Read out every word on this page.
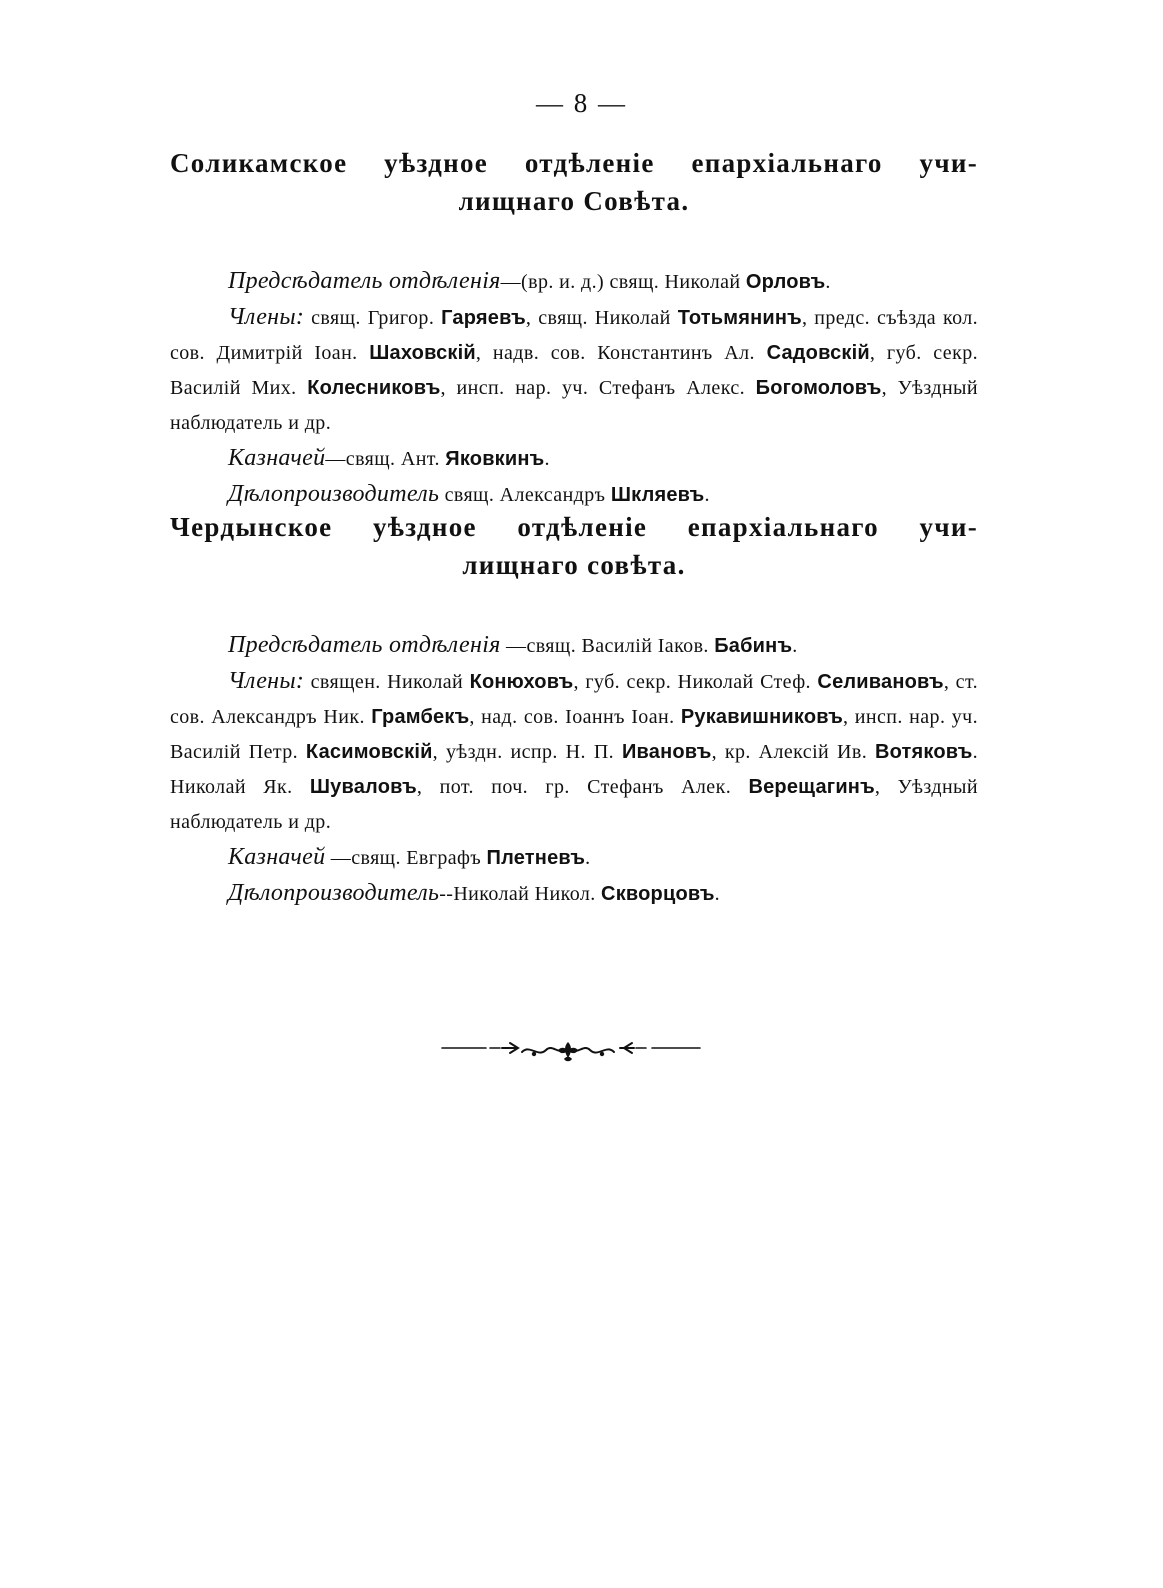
— 8 —
Соликамское уѣздное отдѣленіе епархіальнаго учи-
лищнаго Совѣта.

Предсѣдатель отдѣленія—(вр. и. д.) свящ. Николай Орловъ.

Члены: свящ. Григор. Гаряевъ, свящ. Николай Тотьмянинъ, предс. съѣзда кол. сов. Димитрій Іоан. Шаховскій, надв. сов. Константинъ Ал. Садовскій, губ. секр. Василій Мих. Колесниковъ, инсп. нар. уч. Стефанъ Алекс. Богомоловъ, Уѣздный наблюдатель и др.

Казначей—свящ. Ант. Яковкинъ.

Дѣлопроизводитель свящ. Александръ Шкляевъ.

Чердынское уѣздное отдѣленіе епархіальнаго учи-
лищнаго совѣта.

Предсѣдатель отдѣленія —свящ. Василій Іаков. Бабинъ.

Члены: священ. Николай Конюховъ, губ. секр. Николай Стеф. Селивановъ, ст. сов. Александръ Ник. Грамбекъ, над. сов. Іоаннъ Іоан. Рукавишниковъ, инсп. нар. уч. Василій Петр. Касимовскій, уѣздн. испр. Н. П. Ивановъ, кр. Алексій Ив. Вотяковъ. Николай Як. Шуваловъ, пот. поч. гр. Стефанъ Алек. Верещагинъ, Уѣздный наблюдатель и др.

Казначей —свящ. Евграфъ Плетневъ.

Дѣлопроизводитель--Николай Никол. Скворцовъ.
